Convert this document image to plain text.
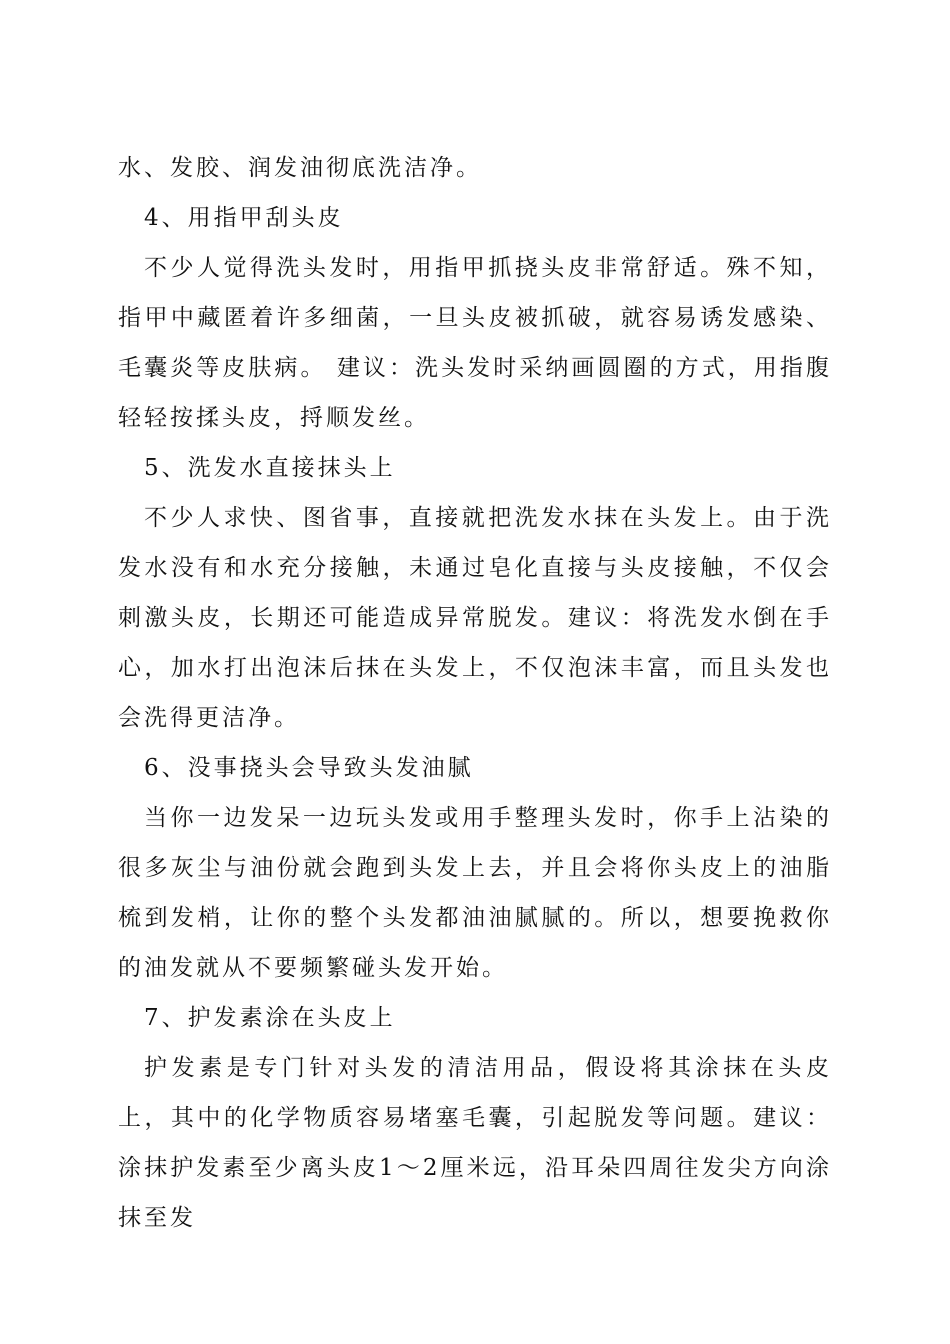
水、发胶、润发油彻底洗洁净。

4、用指甲刮头皮

不少人觉得洗头发时，用指甲抓挠头皮非常舒适。殊不知，指甲中藏匿着许多细菌，一旦头皮被抓破，就容易诱发感染、毛囊炎等皮肤病。 建议：洗头发时采纳画圆圈的方式，用指腹轻轻按揉头皮，捋顺发丝。

5、洗发水直接抹头上

不少人求快、图省事，直接就把洗发水抹在头发上。由于洗发水没有和水充分接触，未通过皂化直接与头皮接触，不仅会刺激头皮，长期还可能造成异常脱发。建议：将洗发水倒在手心，加水打出泡沫后抹在头发上，不仅泡沫丰富，而且头发也会洗得更洁净。

6、没事挠头会导致头发油腻

当你一边发呆一边玩头发或用手整理头发时，你手上沾染的很多灰尘与油份就会跑到头发上去，并且会将你头皮上的油脂梳到发梢，让你的整个头发都油油腻腻的。所以，想要挽救你的油发就从不要频繁碰头发开始。

7、护发素涂在头皮上

护发素是专门针对头发的清洁用品，假设将其涂抹在头皮上，其中的化学物质容易堵塞毛囊，引起脱发等问题。建议：涂抹护发素至少离头皮1～2厘米远，沿耳朵四周往发尖方向涂抹至发
